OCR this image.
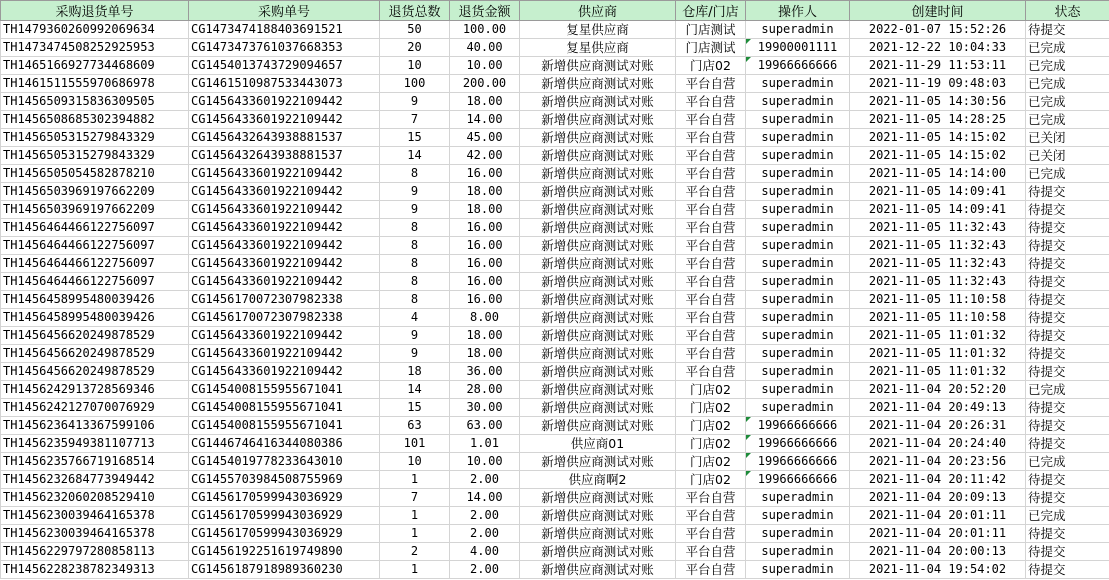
采购退货单号	采购单号	退货总数	退货金额	供应商	仓库/门店	操作人	创建时间	状态
TH1479360260992069634	CG1473474188403691521	50	100.00	复星供应商	门店测试	superadmin	2022-01-07 15:52:26	待提交
TH1473474508252925953	CG1473473761037668353	20	40.00	复星供应商	门店测试	19900001111	2021-12-22 10:04:33	已完成
TH1465166927734468609	CG1454013743729094657	10	10.00	新增供应商测试对账	门店02	19966666666	2021-11-29 11:53:11	已完成
TH1461511555970686978	CG1461510987533443073	100	200.00	新增供应商测试对账	平台自营	superadmin	2021-11-19 09:48:03	已完成
TH1456509315836309505	CG1456433601922109442	9	18.00	新增供应商测试对账	平台自营	superadmin	2021-11-05 14:30:56	已完成
TH1456508685302394882	CG1456433601922109442	7	14.00	新增供应商测试对账	平台自营	superadmin	2021-11-05 14:28:25	已完成
TH1456505315279843329	CG1456432643938881537	15	45.00	新增供应商测试对账	平台自营	superadmin	2021-11-05 14:15:02	已关闭
TH1456505315279843329	CG1456432643938881537	14	42.00	新增供应商测试对账	平台自营	superadmin	2021-11-05 14:15:02	已关闭
TH1456505054582878210	CG1456433601922109442	8	16.00	新增供应商测试对账	平台自营	superadmin	2021-11-05 14:14:00	已完成
TH1456503969197662209	CG1456433601922109442	9	18.00	新增供应商测试对账	平台自营	superadmin	2021-11-05 14:09:41	待提交
TH1456503969197662209	CG1456433601922109442	9	18.00	新增供应商测试对账	平台自营	superadmin	2021-11-05 14:09:41	待提交
TH1456464466122756097	CG1456433601922109442	8	16.00	新增供应商测试对账	平台自营	superadmin	2021-11-05 11:32:43	待提交
TH1456464466122756097	CG1456433601922109442	8	16.00	新增供应商测试对账	平台自营	superadmin	2021-11-05 11:32:43	待提交
TH1456464466122756097	CG1456433601922109442	8	16.00	新增供应商测试对账	平台自营	superadmin	2021-11-05 11:32:43	待提交
TH1456464466122756097	CG1456433601922109442	8	16.00	新增供应商测试对账	平台自营	superadmin	2021-11-05 11:32:43	待提交
TH1456458995480039426	CG1456170072307982338	8	16.00	新增供应商测试对账	平台自营	superadmin	2021-11-05 11:10:58	待提交
TH1456458995480039426	CG1456170072307982338	4	8.00	新增供应商测试对账	平台自营	superadmin	2021-11-05 11:10:58	待提交
TH1456456620249878529	CG1456433601922109442	9	18.00	新增供应商测试对账	平台自营	superadmin	2021-11-05 11:01:32	待提交
TH1456456620249878529	CG1456433601922109442	9	18.00	新增供应商测试对账	平台自营	superadmin	2021-11-05 11:01:32	待提交
TH1456456620249878529	CG1456433601922109442	18	36.00	新增供应商测试对账	平台自营	superadmin	2021-11-05 11:01:32	待提交
TH1456242913728569346	CG1454008155955671041	14	28.00	新增供应商测试对账	门店02	superadmin	2021-11-04 20:52:20	已完成
TH1456242127070076929	CG1454008155955671041	15	30.00	新增供应商测试对账	门店02	superadmin	2021-11-04 20:49:13	待提交
TH1456236413367599106	CG1454008155955671041	63	63.00	新增供应商测试对账	门店02	19966666666	2021-11-04 20:26:31	待提交
TH1456235949381107713	CG1446746416344080386	101	1.01	供应商01	门店02	19966666666	2021-11-04 20:24:40	待提交
TH1456235766719168514	CG1454019778233643010	10	10.00	新增供应商测试对账	门店02	19966666666	2021-11-04 20:23:56	已完成
TH1456232684773949442	CG1455703984508755969	1	2.00	供应商啊2	门店02	19966666666	2021-11-04 20:11:42	待提交
TH1456232060208529410	CG1456170599943036929	7	14.00	新增供应商测试对账	平台自营	superadmin	2021-11-04 20:09:13	待提交
TH1456230039464165378	CG1456170599943036929	1	2.00	新增供应商测试对账	平台自营	superadmin	2021-11-04 20:01:11	已完成
TH1456230039464165378	CG1456170599943036929	1	2.00	新增供应商测试对账	平台自营	superadmin	2021-11-04 20:01:11	待提交
TH1456229797280858113	CG1456192251619749890	2	4.00	新增供应商测试对账	平台自营	superadmin	2021-11-04 20:00:13	待提交
TH1456228238782349313	CG1456187918989360230	1	2.00	新增供应商测试对账	平台自营	superadmin	2021-11-04 19:54:02	待提交
